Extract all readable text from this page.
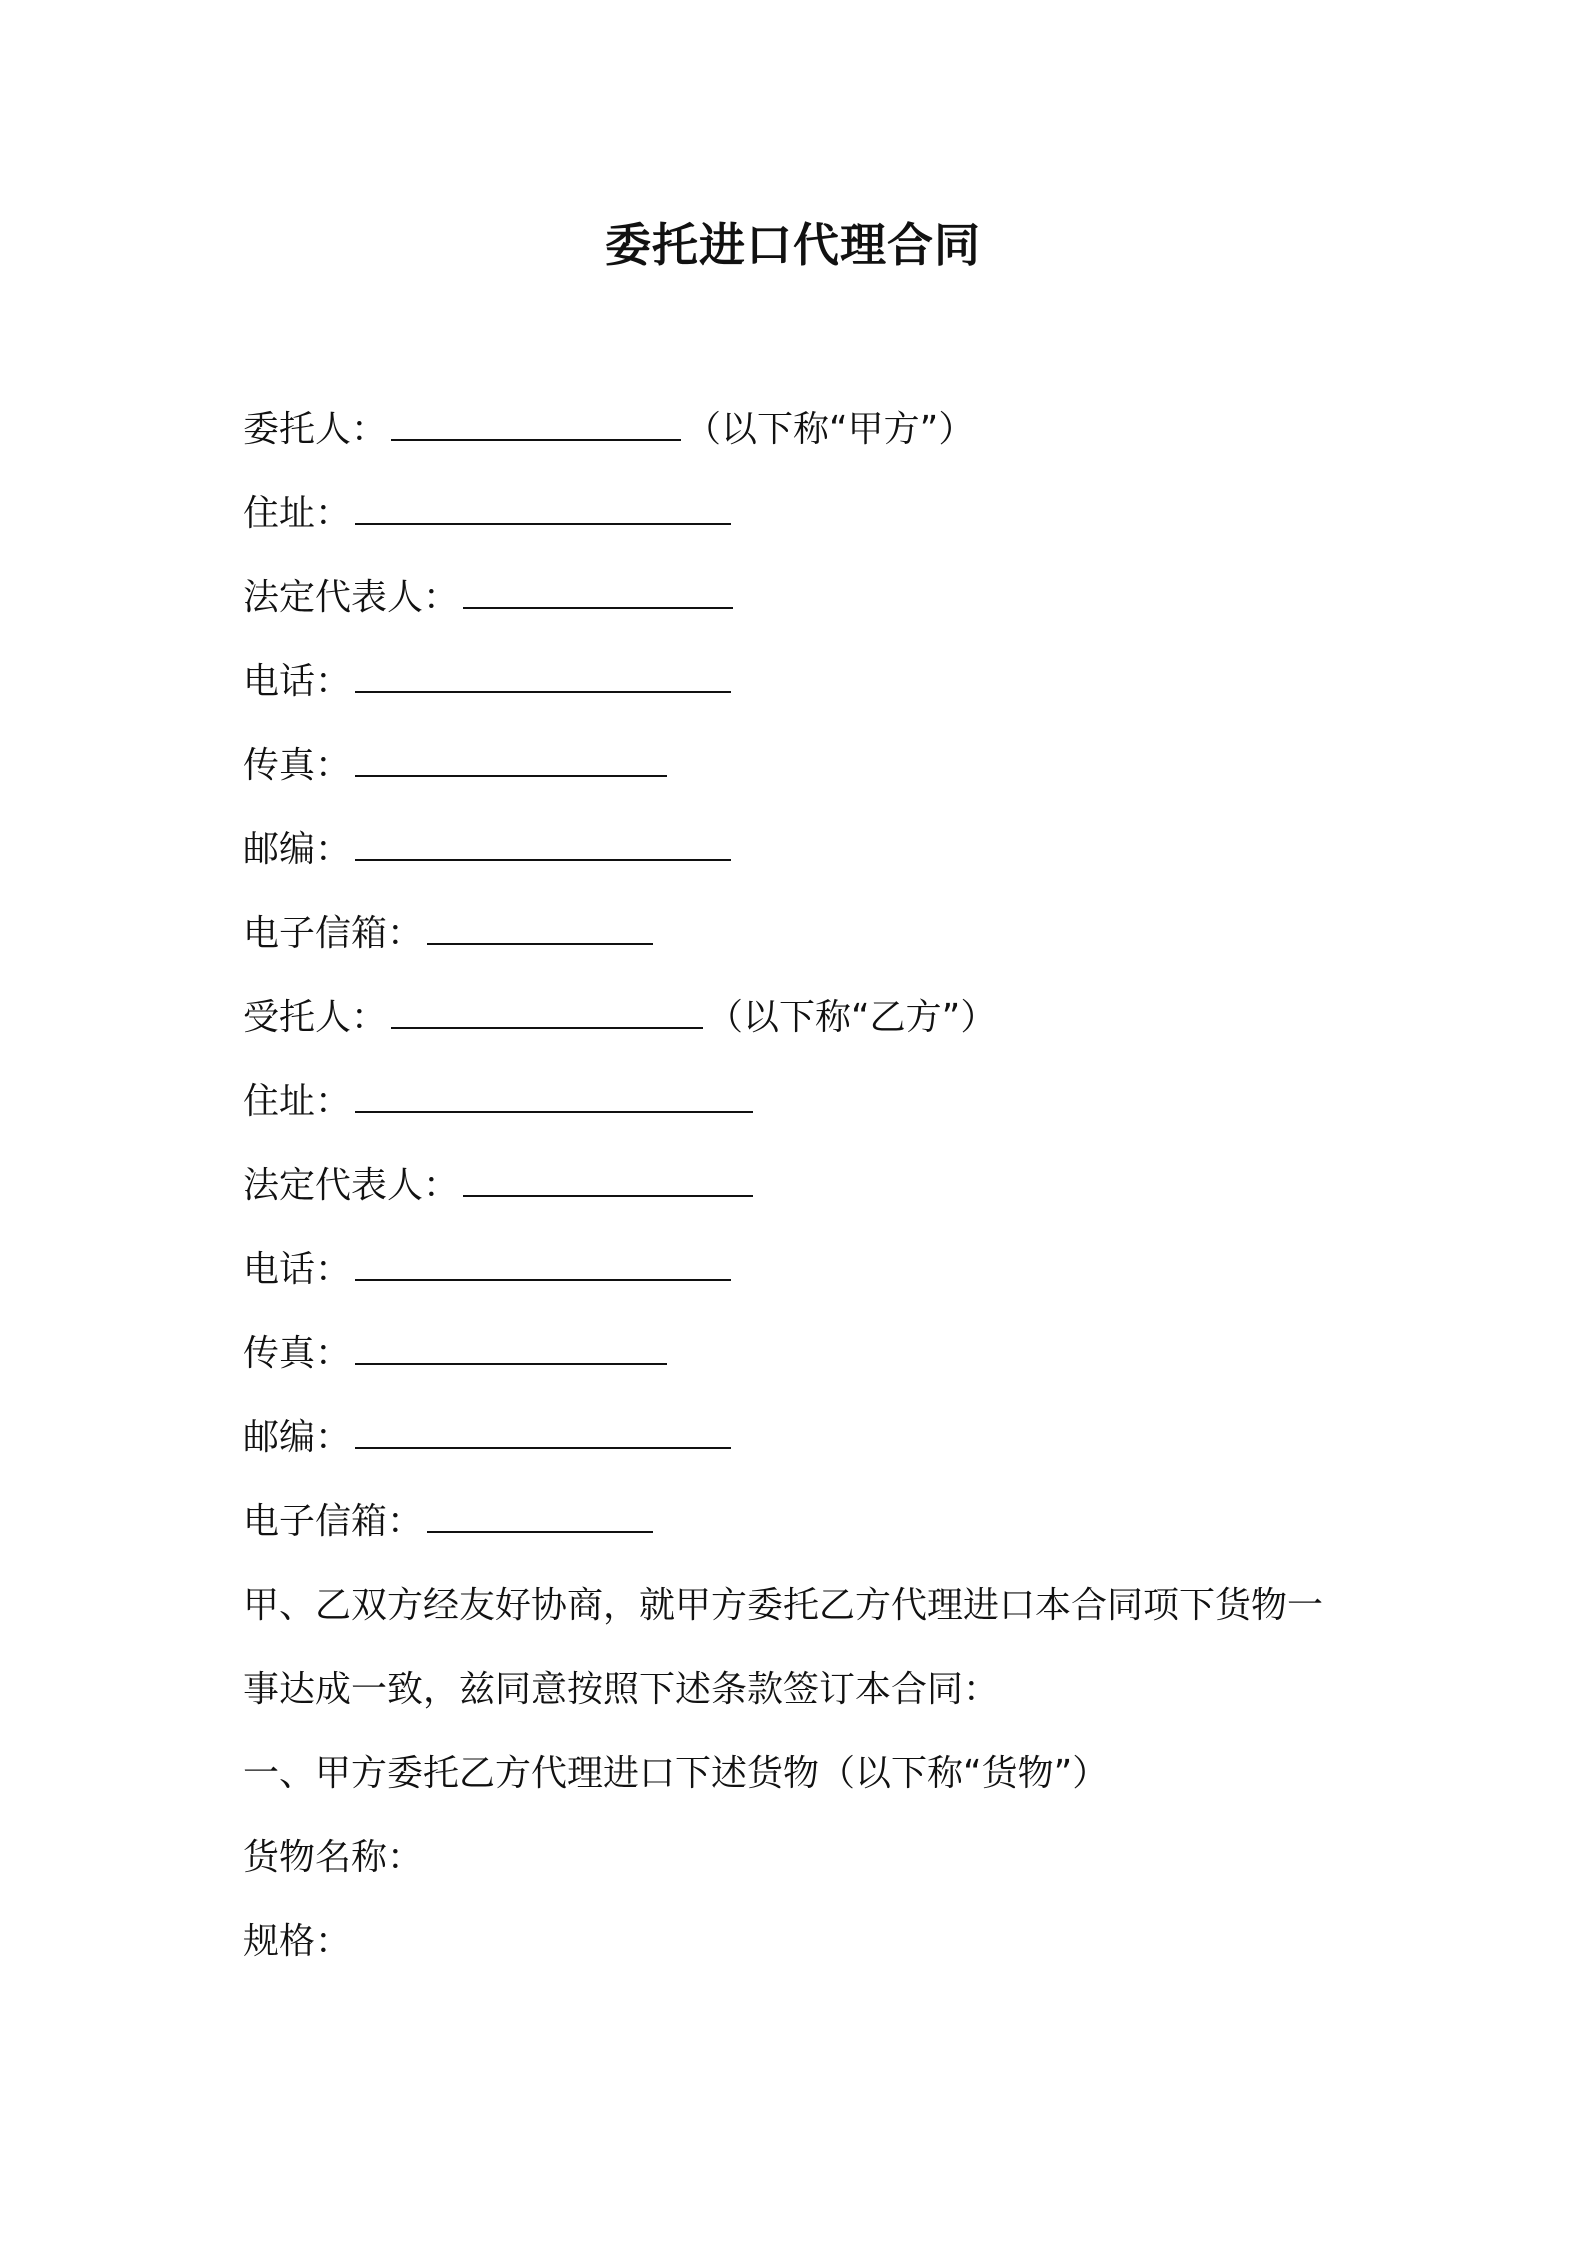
委托进口代理合同

委托人：	（以下称“甲方”）

住址：

法定代表人：

电话：

传真：

邮编：

电子信箱：

受托人：	（以下称“乙方”）

住址：

法定代表人：

电话：

传真：

邮编：

电子信箱：

甲、乙双方经友好协商，就甲方委托乙方代理进口本合同项下货物一

事达成一致，兹同意按照下述条款签订本合同：

一、甲方委托乙方代理进口下述货物（以下称“货物”）

货物名称：

规格：
